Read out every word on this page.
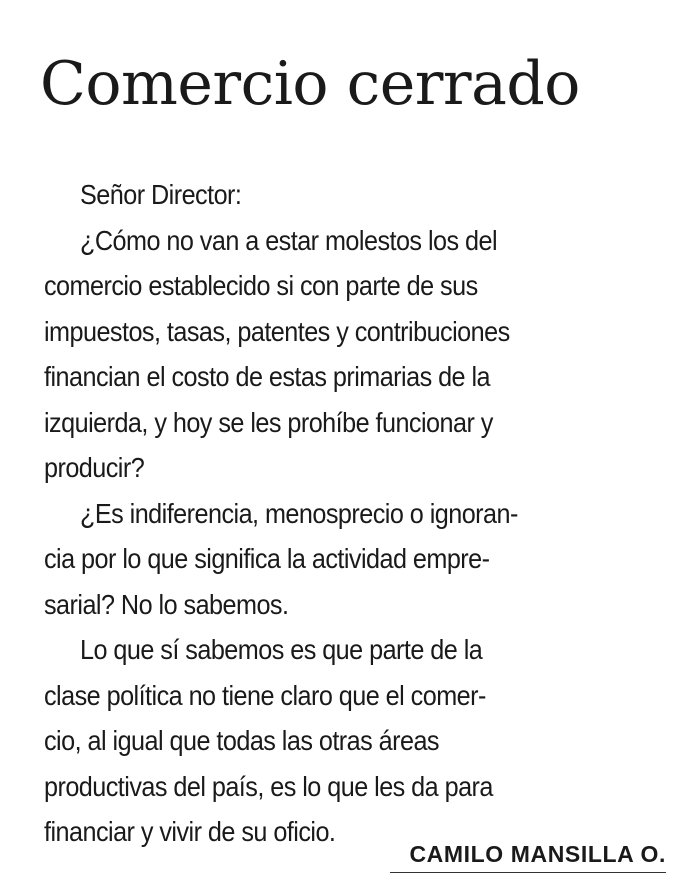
Comercio cerrado
Señor Director:
¿Cómo no van a estar molestos los del
comercio establecido si con parte de sus
impuestos, tasas, patentes y contribuciones
financian el costo de estas primarias de la
izquierda, y hoy se les prohíbe funcionar y
producir?
¿Es indiferencia, menosprecio o ignoran-
cia por lo que significa la actividad empre-
sarial? No lo sabemos.
Lo que sí sabemos es que parte de la
clase política no tiene claro que el comer-
cio, al igual que todas las otras áreas
productivas del país, es lo que les da para
financiar y vivir de su oficio.
CAMILO MANSILLA O.
